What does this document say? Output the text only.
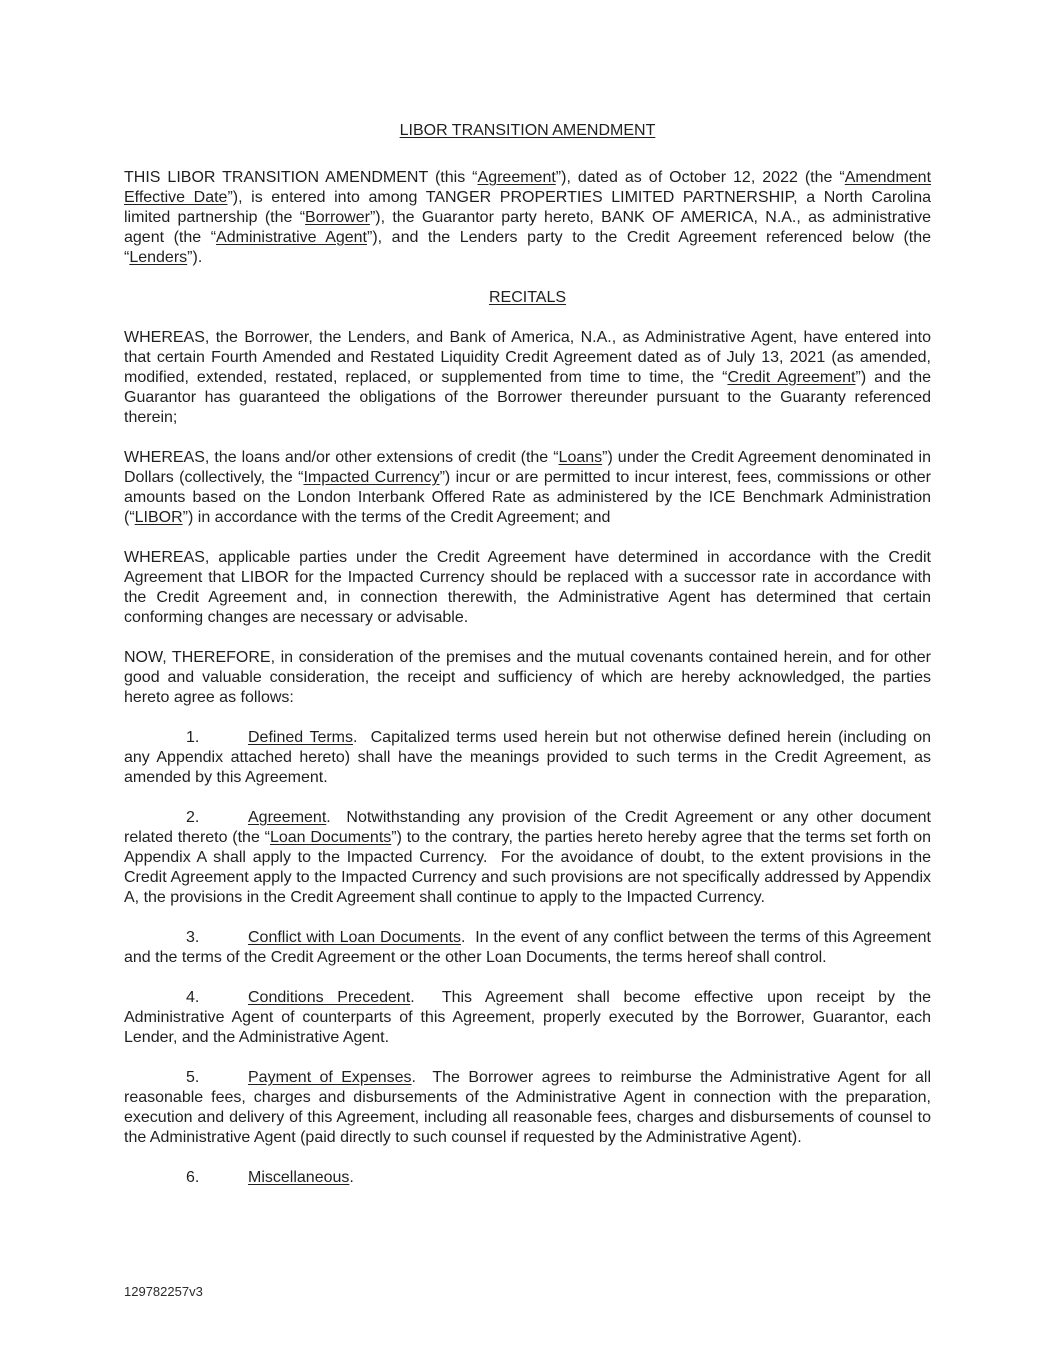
LIBOR TRANSITION AMENDMENT

THIS LIBOR TRANSITION AMENDMENT (this “Agreement”), dated as of October 12, 2022 (the “Amendment Effective Date”), is entered into among TANGER PROPERTIES LIMITED PARTNERSHIP, a North Carolina limited partnership (the “Borrower”), the Guarantor party hereto, BANK OF AMERICA, N.A., as administrative agent (the “Administrative Agent”), and the Lenders party to the Credit Agreement referenced below (the “Lenders”).

RECITALS

WHEREAS, the Borrower, the Lenders, and Bank of America, N.A., as Administrative Agent, have entered into that certain Fourth Amended and Restated Liquidity Credit Agreement dated as of July 13, 2021 (as amended, modified, extended, restated, replaced, or supplemented from time to time, the “Credit Agreement”) and the Guarantor has guaranteed the obligations of the Borrower thereunder pursuant to the Guaranty referenced therein;

WHEREAS, the loans and/or other extensions of credit (the “Loans”) under the Credit Agreement denominated in Dollars (collectively, the “Impacted Currency”) incur or are permitted to incur interest, fees, commissions or other amounts based on the London Interbank Offered Rate as administered by the ICE Benchmark Administration (“LIBOR”) in accordance with the terms of the Credit Agreement; and

WHEREAS, applicable parties under the Credit Agreement have determined in accordance with the Credit Agreement that LIBOR for the Impacted Currency should be replaced with a successor rate in accordance with the Credit Agreement and, in connection therewith, the Administrative Agent has determined that certain conforming changes are necessary or advisable.

NOW, THEREFORE, in consideration of the premises and the mutual covenants contained herein, and for other good and valuable consideration, the receipt and sufficiency of which are hereby acknowledged, the parties hereto agree as follows:

1.	Defined Terms.  Capitalized terms used herein but not otherwise defined herein (including on any Appendix attached hereto) shall have the meanings provided to such terms in the Credit Agreement, as amended by this Agreement.

2.	Agreement.  Notwithstanding any provision of the Credit Agreement or any other document related thereto (the “Loan Documents”) to the contrary, the parties hereto hereby agree that the terms set forth on Appendix A shall apply to the Impacted Currency.  For the avoidance of doubt, to the extent provisions in the Credit Agreement apply to the Impacted Currency and such provisions are not specifically addressed by Appendix A, the provisions in the Credit Agreement shall continue to apply to the Impacted Currency.

3.	Conflict with Loan Documents.  In the event of any conflict between the terms of this Agreement and the terms of the Credit Agreement or the other Loan Documents, the terms hereof shall control.

4.	Conditions Precedent.  This Agreement shall become effective upon receipt by the Administrative Agent of counterparts of this Agreement, properly executed by the Borrower, Guarantor, each Lender, and the Administrative Agent.

5.	Payment of Expenses.  The Borrower agrees to reimburse the Administrative Agent for all reasonable fees, charges and disbursements of the Administrative Agent in connection with the preparation, execution and delivery of this Agreement, including all reasonable fees, charges and disbursements of counsel to the Administrative Agent (paid directly to such counsel if requested by the Administrative Agent).

6.	Miscellaneous.

129782257v3
